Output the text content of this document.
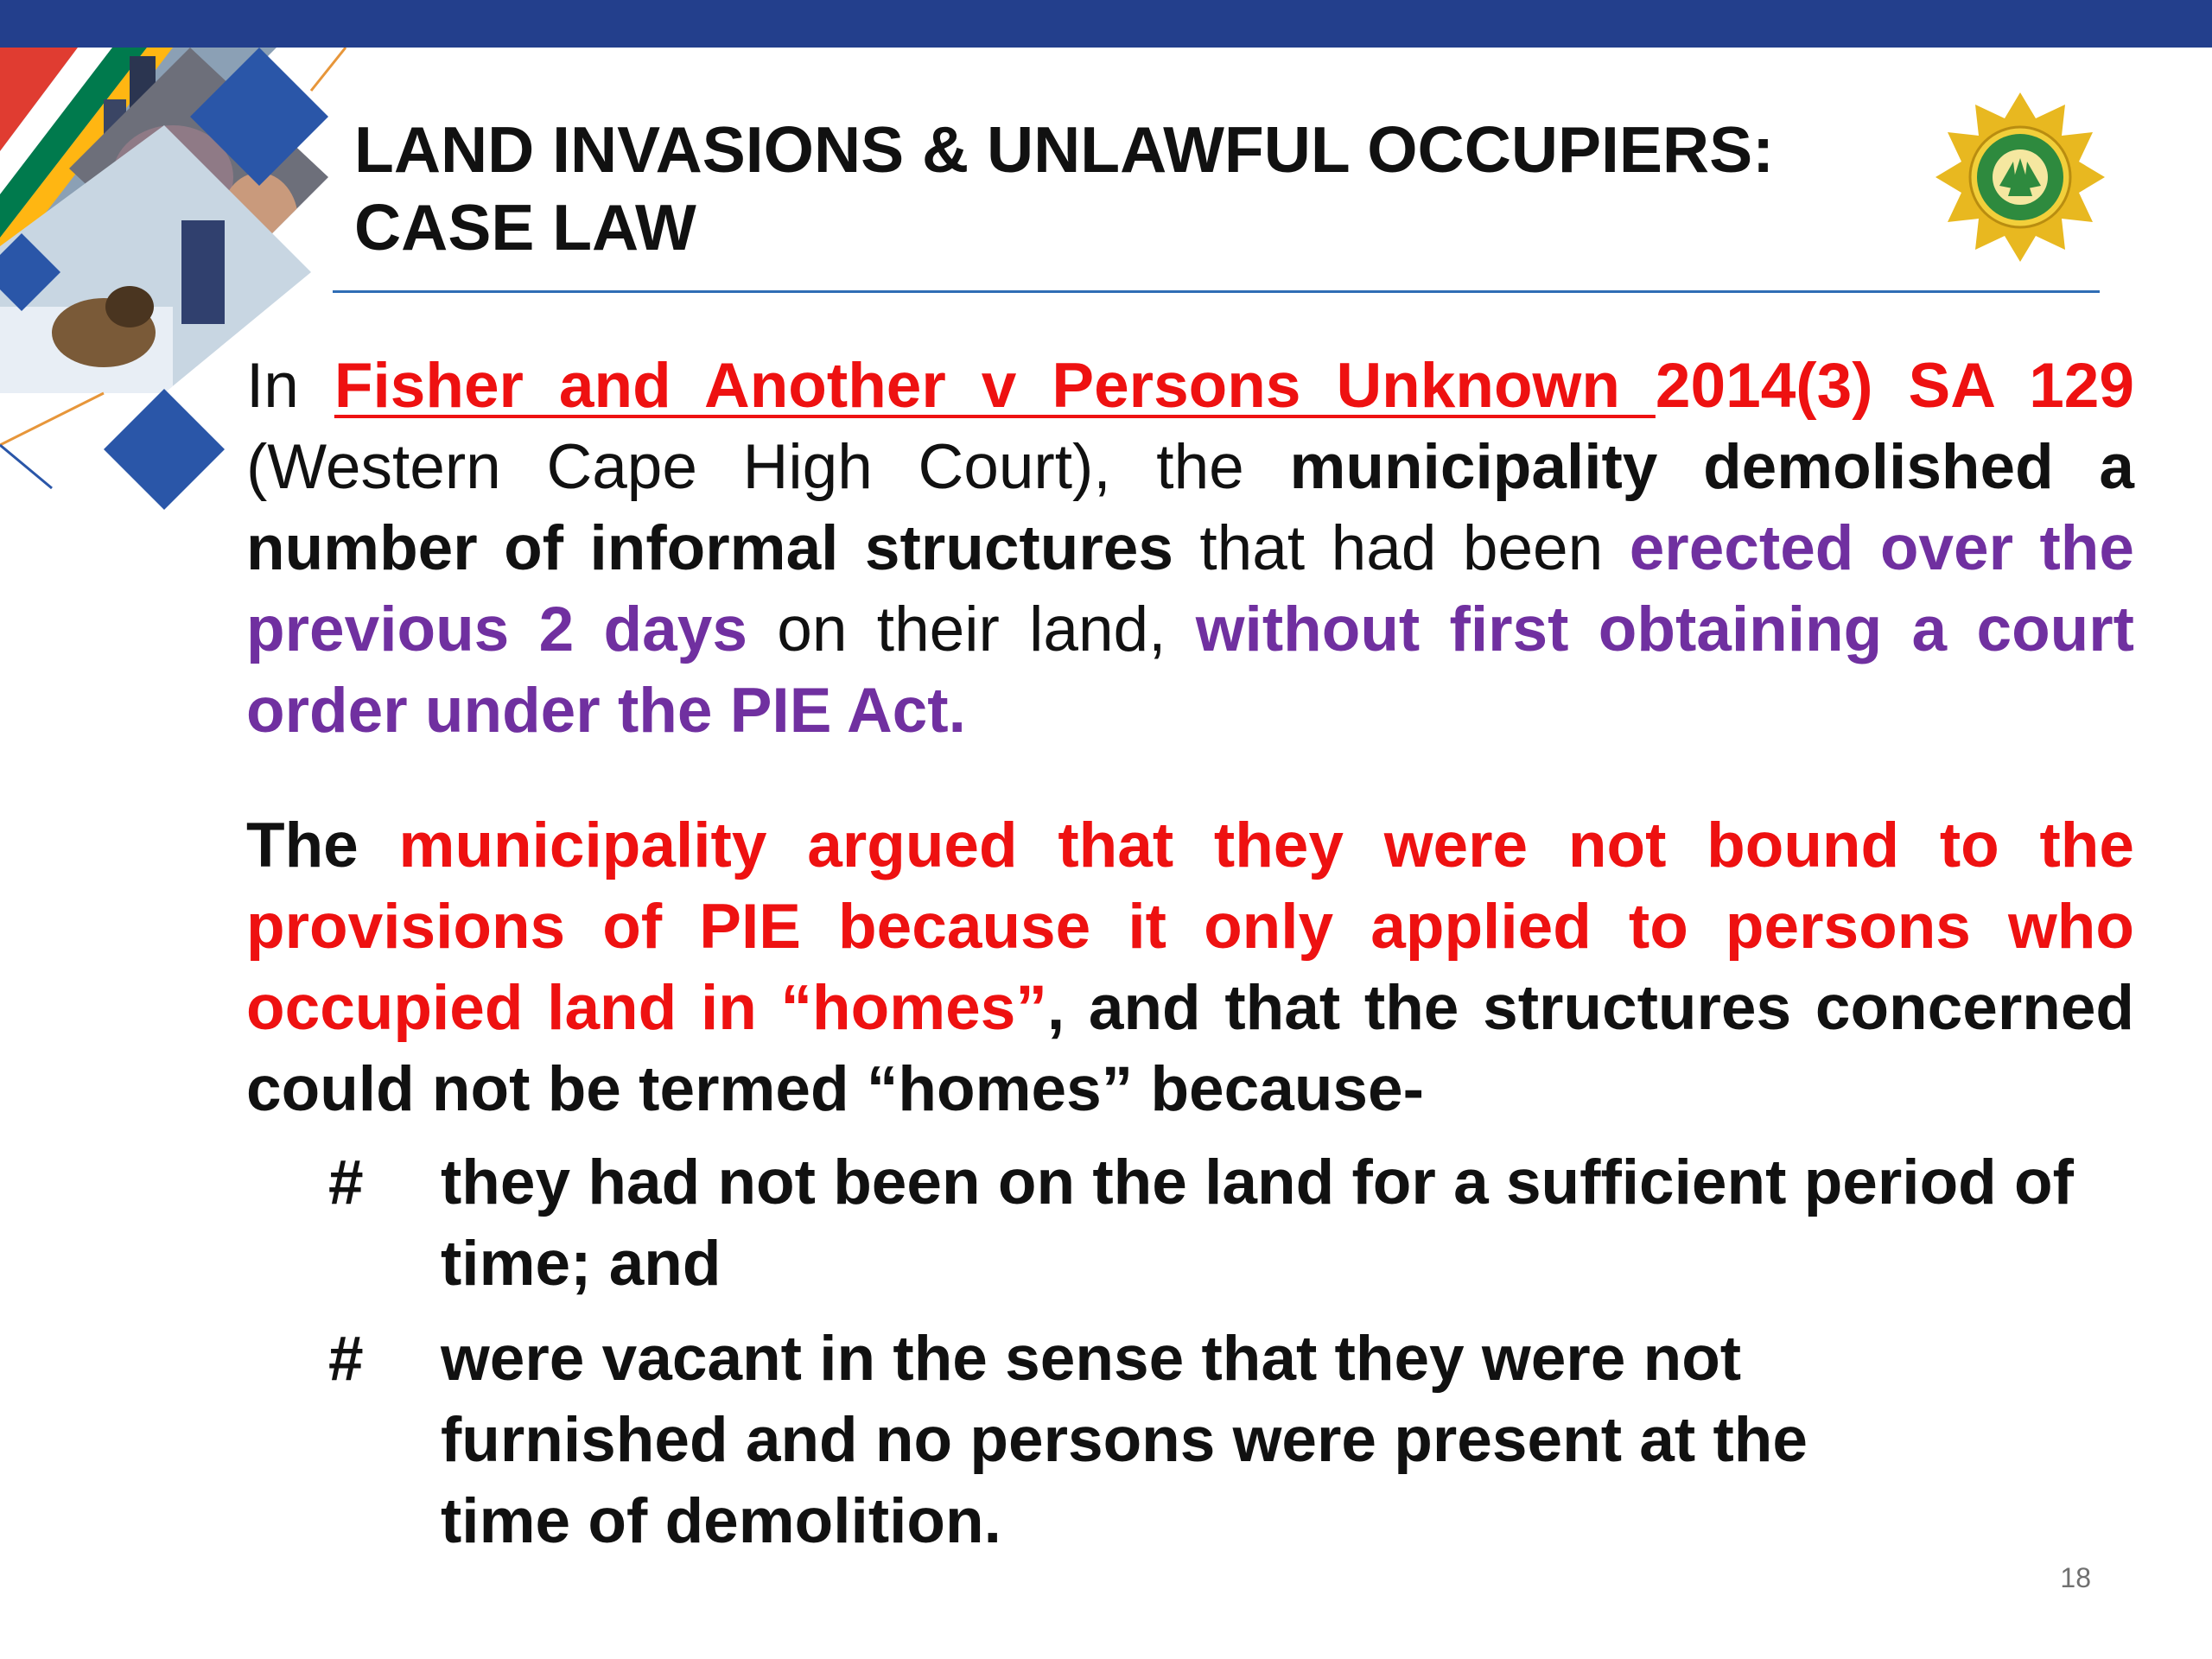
LAND INVASIONS & UNLAWFUL OCCUPIERS:
CASE LAW

In Fisher and Another v Persons Unknown 2014(3) SA 129 (Western Cape High Court), the municipality demolished a number of informal structures that had been erected over the previous 2 days on their land, without first obtaining a court order under the PIE Act.

The municipality argued that they were not bound to the provisions of PIE because it only applied to persons who occupied land in “homes”, and that the structures concerned could not be termed “homes” because-

# they had not been on the land for a sufficient period of time; and
# were vacant in the sense that they were not furnished and no persons were present at the time of demolition.
18
